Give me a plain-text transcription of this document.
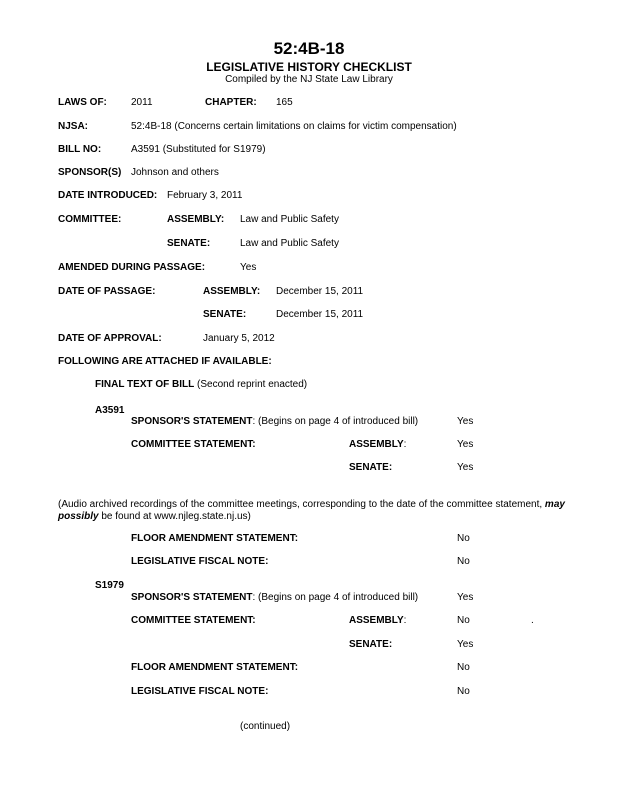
52:4B-18
LEGISLATIVE HISTORY CHECKLIST
Compiled by the NJ State Law Library
LAWS OF: 2011	CHAPTER: 165
NJSA:	52:4B-18 (Concerns certain limitations on claims for victim compensation)
BILL NO:	A3591 (Substituted for S1979)
SPONSOR(S) Johnson and others
DATE INTRODUCED: February 3, 2011
COMMITTEE:	ASSEMBLY: Law and Public Safety
SENATE:	Law and Public Safety
AMENDED DURING PASSAGE:	Yes
DATE OF PASSAGE:	ASSEMBLY: December 15, 2011
SENATE:	December 15, 2011
DATE OF APPROVAL:	January 5, 2012
FOLLOWING ARE ATTACHED IF AVAILABLE:
FINAL TEXT OF BILL (Second reprint enacted)
A3591
SPONSOR'S STATEMENT: (Begins on page 4 of introduced bill)	Yes
COMMITTEE STATEMENT:	ASSEMBLY:	Yes
SENATE:	Yes
(Audio archived recordings of the committee meetings, corresponding to the date of the committee statement, may possibly be found at www.njleg.state.nj.us)
FLOOR AMENDMENT STATEMENT:	No
LEGISLATIVE FISCAL NOTE:	No
S1979
SPONSOR'S STATEMENT: (Begins on page 4 of introduced bill)	Yes
COMMITTEE STATEMENT:	ASSEMBLY:	No	.
SENATE:	Yes
FLOOR AMENDMENT STATEMENT:	No
LEGISLATIVE FISCAL NOTE:	No
(continued)
